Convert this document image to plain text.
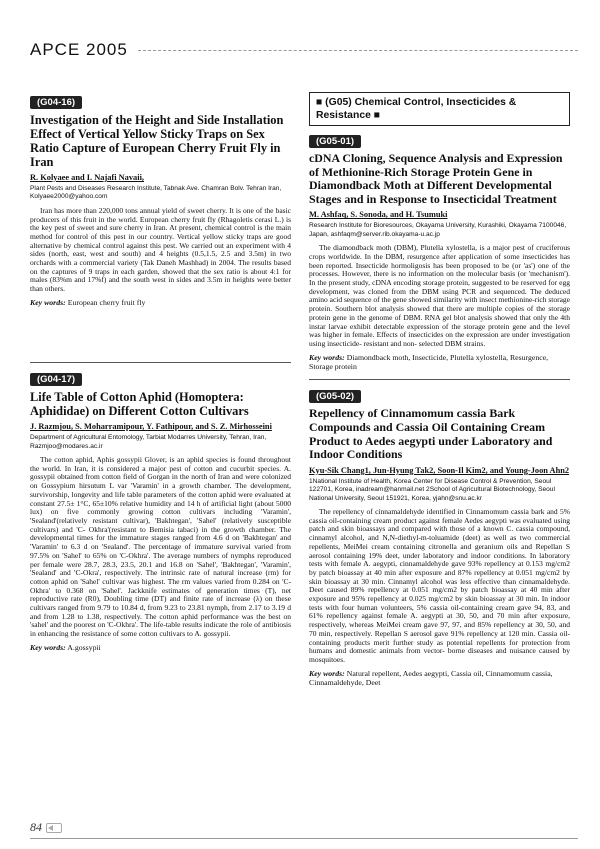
APCE 2005
(G04-16)
Investigation of the Height and Side Installation Effect of Vertical Yellow Sticky Traps on Sex Ratio Capture of European Cherry Fruit Fly in Iran
R. Kolyaee and I. Najafi Navaii,
Plant Pests and Diseases Research Institute, Tabnak Ave. Chamran Bolv. Tehran Iran, Kolyaee2000@yahoo.com

Iran has more than 220,000 tons annual yield of sweet cherry. It is one of the basic producers of this fruit in the world. European cherry fruit fly (Rhagoletis cerasi L.) is the key pest of sweet and sure cherry in Iran. At present, chemical control is the main method for control of this pest in our country. Vertical yellow sticky traps are good alternative by chemical control against this pest. We carried out an experiment with 4 sides (north, east, west and south) and 4 heights (0.5,1.5, 2.5 and 3.5m) in two orchards with a commercial variety (Tak Daneh Mashhad) in 2004. The results based on the captures of 9 traps in each garden, showed that the sex ratio is about 4:1 for males (83%m and 17%f) and the south west in sides and 3.5m in heights were better than others.

Key words: European cherry fruit fly
(G04-17)
Life Table of Cotton Aphid (Homoptera: Aphididae) on Different Cotton Cultivars
J. Razmjou, S. Moharramipour, Y. Fathipour, and S. Z. Mirhosseini
Department of Agricultural Entomology, Tarbiat Modarres University, Tehran, Iran, Razmjoo@modares.ac.ir

The cotton aphid, Aphis gossypii Glover, is an aphid species is found throughout the world. In Iran, it is considered a major pest of cotton and cucurbit species. A. gossypii obtained from cotton field of Gorgan in the north of Iran and were colonized on Gossypium hirsutum L var 'Varamin' in a growth chamber. The development, survivorship, longevity and life table parameters of the cotton aphid were evaluated at constant 27.5± 1°C, 65±10% relative humidity and 14 h of artificial light (about 5000 lux) on five commonly growing cotton cultivars including 'Varamin', 'Sealand'(relatively resistant cultivar), 'Bakhtegan', 'Sahel' (relatively susceptible cultivars) and 'C- Okhra'(resistant to Bemisia tabaci) in the growth chamber. The developmental times for the immature stages ranged from 4.6 d on 'Bakhtegan' and 'Varamin' to 6.3 d on 'Sealand'. The percentage of immature survival varied from 97.5% on 'Sahel' to 65% on 'C-Okhra'. The average numbers of nymphs reproduced per female were 28.7, 28.3, 23.5, 20.1 and 16.8 on 'Sahel', 'Bakhtegan', 'Varamin', 'Sealand' and 'C-Okra', respectively. The intrinsic rate of natural increase (rm) for cotton aphid on 'Sahel' cultivar was highest. The rm values varied from 0.284 on 'C-Okhra' to 0.368 on 'Sahel'. Jackknife estimates of generation times (T), net reproductive rate (R0), Doubling time (DT) and finite rate of increase (λ) on these cultivars ranged from 9.79 to 10.84 d, from 9.23 to 23.81 nymph, from 2.17 to 3.19 d and from 1.28 to 1.38, respectively. The cotton aphid performance was the best on 'sahel' and the poorest on 'C-Okhra'. The life-table results indicate the role of antibiosis in enhancing the resistance of some cotton cultivars to A. gossypii.

Key words: A.gossypii
■ (G05) Chemical Control, Insecticides & Resistance ■
(G05-01)
cDNA Cloning, Sequence Analysis and Expression of Methionine-Rich Storage Protein Gene in Diamondback Moth at Different Developmental Stages and in Response to Insecticidal Treatment
M. Ashfaq, S. Sonoda, and H. Tsumuki
Research Institute for Bioresources, Okayama University, Kurashiki, Okayama 7100046, Japan, ashfaqm@server.rib.okayama-u.ac.jp

The diamondback moth (DBM), Plutella xylostella, is a major pest of cruciferous crops worldwide. In the DBM, resurgence after application of some insecticides has been reported. Insecticide hormoligosis has been proposed to be (or 'as') one of the processes. However, there is no information on the molecular basis (or 'mechanism'). In the present study, cDNA encoding storage protein, suggested to be reserved for egg development, was cloned from the DBM using PCR and sequenced. The deduced amino acid sequence of the gene showed similarity with insect methionine-rich storage protein. Southern blot analysis showed that there are multiple copies of the storage protein gene in the genome of DBM. RNA gel blot analysis showed that only the 4th instar larvae exhibit detectable expression of the storage protein gene and the level was higher in female. Effects of insecticides on the expression are under investigation using insecticide- resistant and non- selected DBM strains.

Key words: Diamondback moth, Insecticide, Plutella xylostella, Resurgence, Storage protein
(G05-02)
Repellency of Cinnamomum cassia Bark Compounds and Cassia Oil Containing Cream Product to Aedes aegypti under Laboratory and Indoor Conditions
Kyu-Sik Chang1, Jun-Hyung Tak2, Soon-Il Kim2, and Young-Joon Ahn2
1National Institute of Health, Korea Center for Disease Control & Prevention, Seoul 122701, Korea, inadream@hanmail.net 2School of Agricultural Biotechnology, Seoul National University, Seoul 151921, Korea, yjahn@snu.ac.kr

The repellency of cinnamaldehyde identified in Cinnamomum cassia bark and 5% cassia oil-containing cream product against female Aedes aegypti was evaluated using patch and skin bioassays and compared with those of a known C. cassia compound, cinnamyl alcohol, and N,N-diethyl-m-toluamide (deet) as well as two commercial repellents, MeiMei cream containing citronella and geranium oils and Repellan S aerosol containing 19% deet, under laboratory and indoor conditions. In laboratory tests with female A. aegypti, cinnamaldehyde gave 93% repellency at 0.153 mg/cm2 by patch bioassay at 40 min after exposure and 87% repellency at 0.051 mg/cm2 by skin bioassay at 30 min. Cinnamyl alcohol was less effective than cinnamaldehyde. Deet caused 89% repellency at 0.051 mg/cm2 by patch bioassay at 40 min after exposure and 95% repellency at 0.025 mg/cm2 by skin bioassay at 30 min. In indoor tests with four human volunteers, 5% cassia oil-containing cream gave 94, 83, and 61% repellency against female A. aegypti at 30, 50, and 70 min after exposure, respectively, whereas MeiMei cream gave 97, 97, and 85% repellency at 30, 50, and 70 min, respectively. Repellan S aerosol gave 91% repellency at 120 min. Cassia oil-containing products merit further study as potential repellents for protection from humans and domestic animals from vector- borne diseases and nuisance caused by mosquitoes.

Key words: Natural repellent, Aedes aegypti, Cassia oil, Cinnamomum cassia, Cinnamaldehyde, Deet
84
